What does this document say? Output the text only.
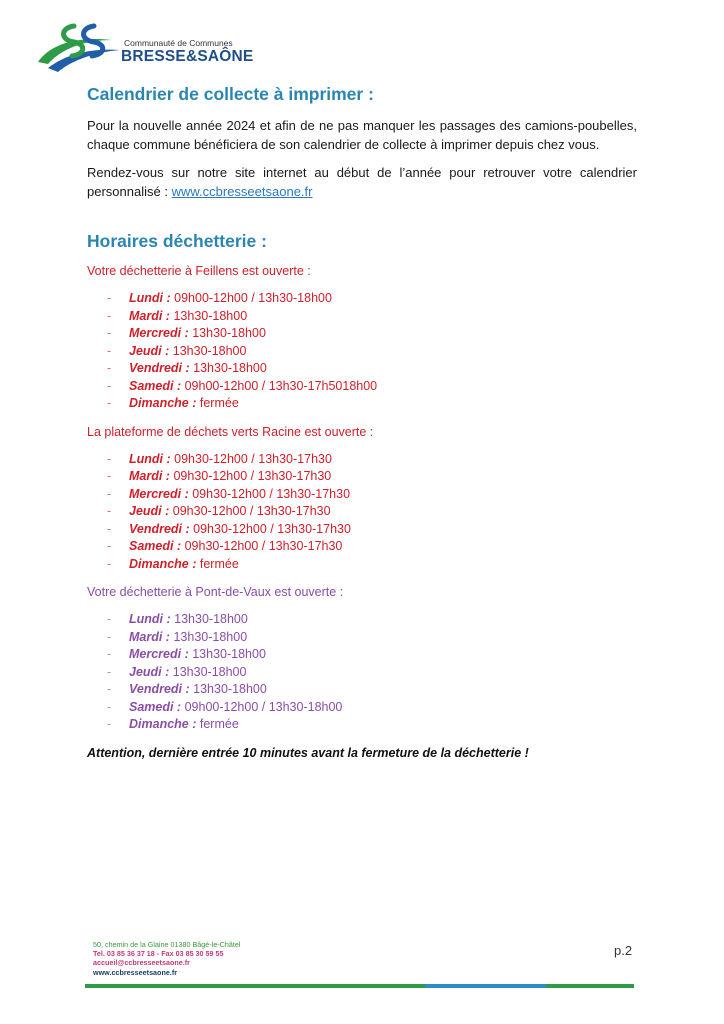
Communauté de Communes
BRESSE&SAÔNE
Calendrier de collecte à imprimer :

Pour la nouvelle année 2024 et afin de ne pas manquer les passages des camions-poubelles, chaque commune bénéficiera de son calendrier de collecte à imprimer depuis chez vous.

Rendez-vous sur notre site internet au début de l’année pour retrouver votre calendrier personnalisé : www.ccbresseetsaone.fr

Horaires déchetterie :
Votre déchetterie à Feillens est ouverte :
- Lundi : 09h00-12h00 / 13h30-18h00
- Mardi : 13h30-18h00
- Mercredi : 13h30-18h00
- Jeudi : 13h30-18h00
- Vendredi : 13h30-18h00
- Samedi : 09h00-12h00 / 13h30-17h5018h00
- Dimanche : fermée
La plateforme de déchets verts Racine est ouverte :
- Lundi : 09h30-12h00 / 13h30-17h30
- Mardi : 09h30-12h00 / 13h30-17h30
- Mercredi : 09h30-12h00 / 13h30-17h30
- Jeudi : 09h30-12h00 / 13h30-17h30
- Vendredi : 09h30-12h00 / 13h30-17h30
- Samedi : 09h30-12h00 / 13h30-17h30
- Dimanche : fermée
Votre déchetterie à Pont-de-Vaux est ouverte :
- Lundi : 13h30-18h00
- Mardi : 13h30-18h00
- Mercredi : 13h30-18h00
- Jeudi : 13h30-18h00
- Vendredi : 13h30-18h00
- Samedi : 09h00-12h00 / 13h30-18h00
- Dimanche : fermée
Attention, dernière entrée 10 minutes avant la fermeture de la déchetterie !
50, chemin de la Glaine 01380 Bâgé-le-Châtel
Tel. 03 85 36 37 18 - Fax 03 85 30 59 55
accueil@ccbresseetsaone.fr
www.ccbresseetsaone.fr
p.2
